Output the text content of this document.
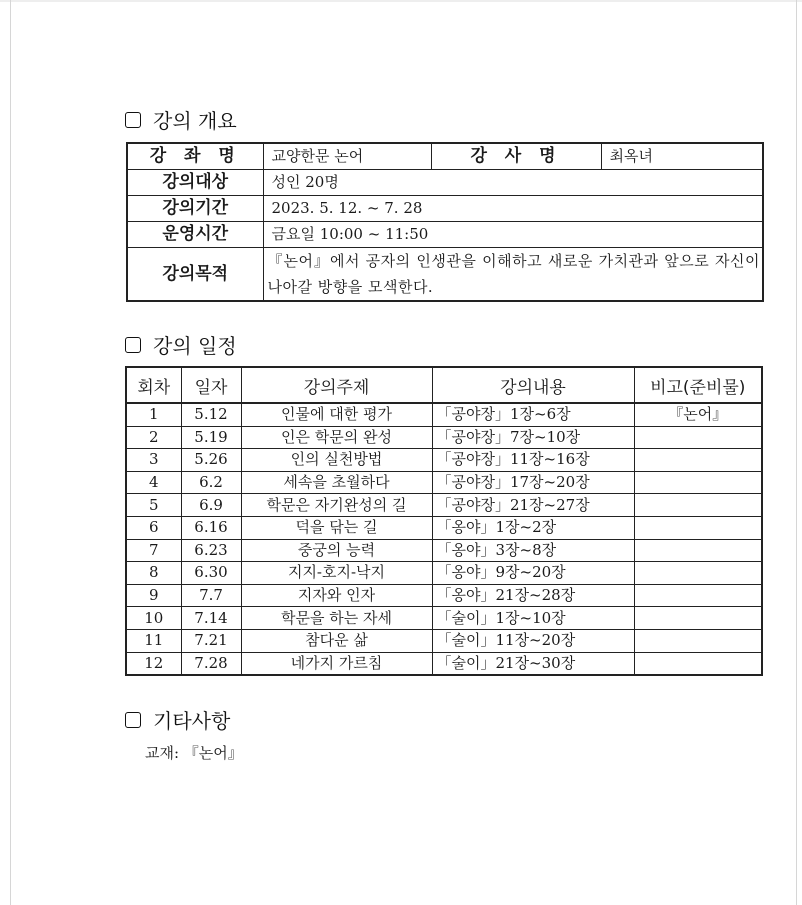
강의 개요
강 좌 명	교양한문 논어	강 사 명	최옥녀
강의대상	성인 20명		
강의기간	2023. 5. 12. ~ 7. 28		
운영시간	금요일 10:00 ~ 11:50		
강의목적	『논어』에서 공자의 인생관을 이해하고 새로운 가치관과 앞으로 자신이 나아갈 방향을 모색한다.		
강의 일정
회차	일자	강의주제	강의내용	비고(준비물)
1	5.12	인물에 대한 평가	「공야장」1장~6장	『논어』
2	5.19	인은 학문의 완성	「공야장」7장~10장	
3	5.26	인의 실천방법	「공야장」11장~16장	
4	6.2	세속을 초월하다	「공야장」17장~20장	
5	6.9	학문은 자기완성의 길	「공야장」21장~27장	
6	6.16	덕을 닦는 길	「옹야」1장~2장	
7	6.23	중궁의 능력	「옹야」3장~8장	
8	6.30	지지-호지-낙지	「옹야」9장~20장	
9	7.7	지자와 인자	「옹야」21장~28장	
10	7.14	학문을 하는 자세	「술이」1장~10장	
11	7.21	참다운 삶	「술이」11장~20장	
12	7.28	네가지 가르침	「술이」21장~30장	
기타사항
교재: 『논어』
